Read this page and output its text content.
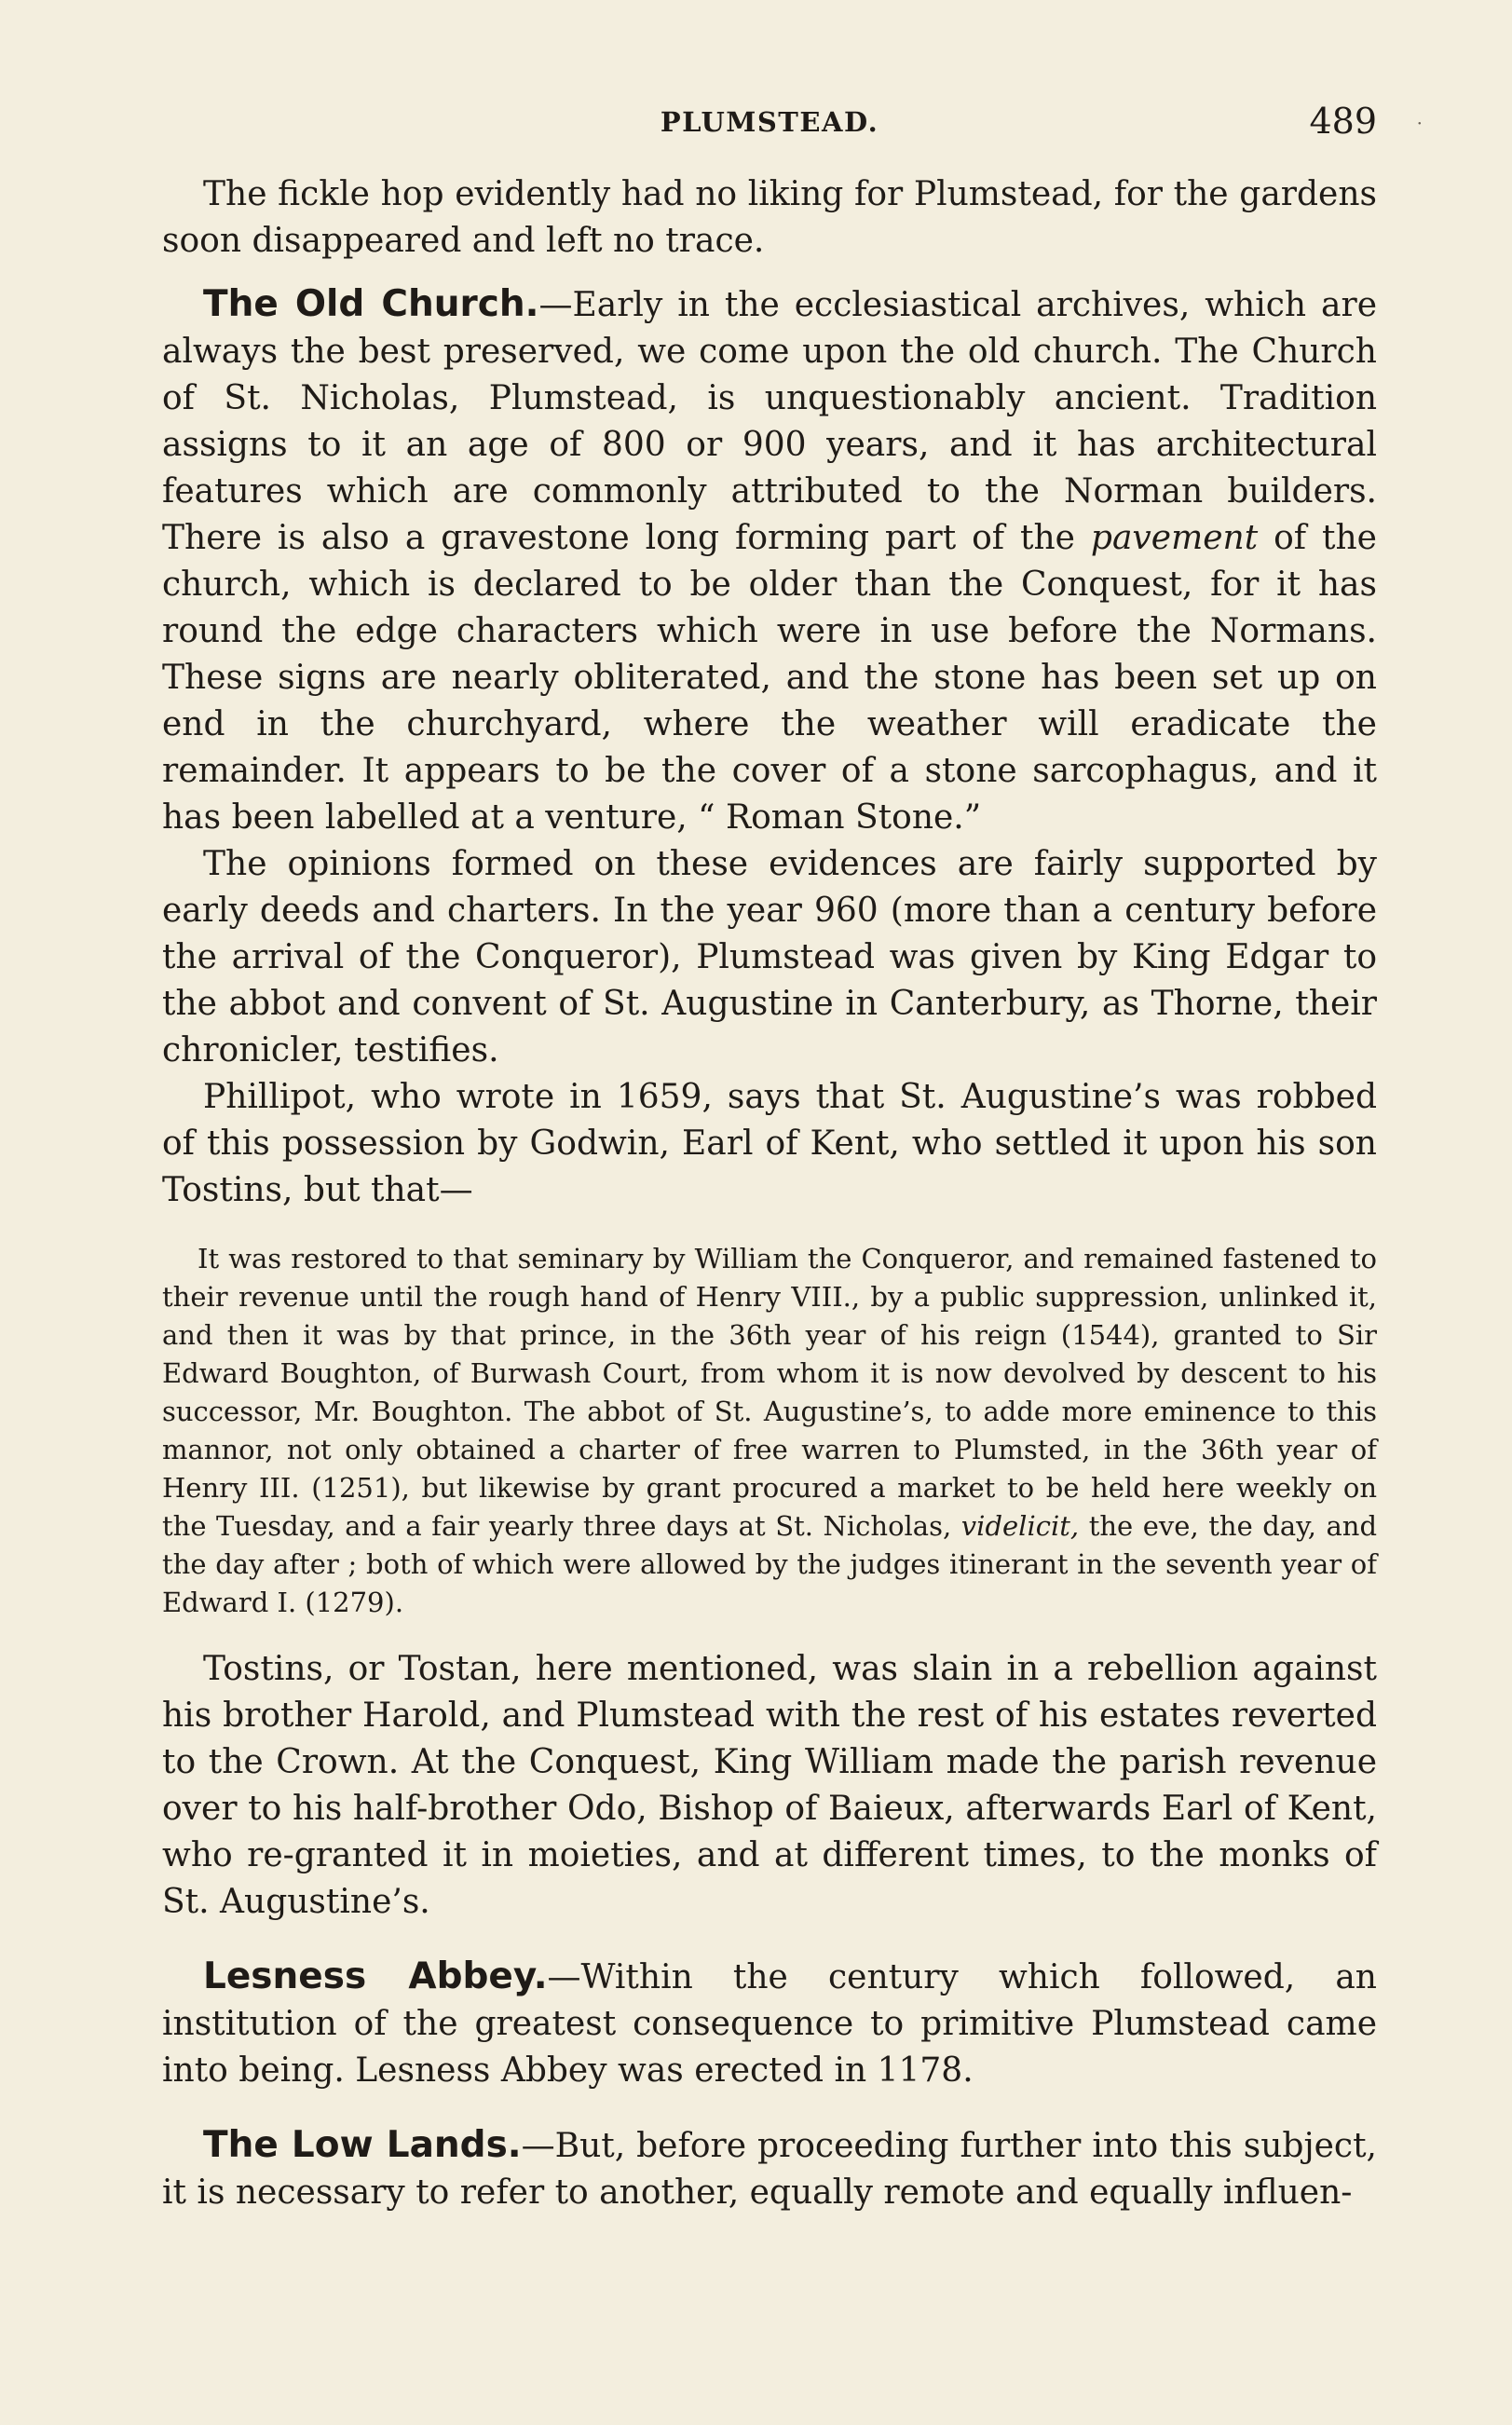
PLUMSTEAD.	489 ·

The fickle hop evidently had no liking for Plumstead, for the gardens soon disappeared and left no trace.

The Old Church.—Early in the ecclesiastical archives, which are always the best preserved, we come upon the old church. The Church of St. Nicholas, Plumstead, is unquestionably ancient. Tradition assigns to it an age of 800 or 900 years, and it has architectural features which are commonly attributed to the Norman builders. There is also a gravestone long forming part of the pavement of the church, which is declared to be older than the Conquest, for it has round the edge characters which were in use before the Normans. These signs are nearly obliterated, and the stone has been set up on end in the churchyard, where the weather will eradicate the remainder. It appears to be the cover of a stone sarcophagus, and it has been labelled at a venture, “ Roman Stone.”

The opinions formed on these evidences are fairly supported by early deeds and charters. In the year 960 (more than a century before the arrival of the Conqueror), Plumstead was given by King Edgar to the abbot and convent of St. Augustine in Canterbury, as Thorne, their chronicler, testifies.

Phillipot, who wrote in 1659, says that St. Augustine’s was robbed of this possession by Godwin, Earl of Kent, who settled it upon his son Tostins, but that—

It was restored to that seminary by William the Conqueror, and remained fastened to their revenue until the rough hand of Henry VIII., by a public suppression, unlinked it, and then it was by that prince, in the 36th year of his reign (1544), granted to Sir Edward Boughton, of Burwash Court, from whom it is now devolved by descent to his successor, Mr. Boughton. The abbot of St. Augustine’s, to adde more eminence to this mannor, not only obtained a charter of free warren to Plumsted, in the 36th year of Henry III. (1251), but likewise by grant procured a market to be held here weekly on the Tuesday, and a fair yearly three days at St. Nicholas, videlicit, the eve, the day, and the day after ; both of which were allowed by the judges itinerant in the seventh year of Edward I. (1279).

Tostins, or Tostan, here mentioned, was slain in a rebellion against his brother Harold, and Plumstead with the rest of his estates reverted to the Crown. At the Conquest, King William made the parish revenue over to his half-brother Odo, Bishop of Baieux, afterwards Earl of Kent, who re-granted it in moieties, and at different times, to the monks of St. Augustine’s.

Lesness Abbey.—Within the century which followed, an institution of the greatest consequence to primitive Plumstead came into being. Lesness Abbey was erected in 1178.

The Low Lands.—But, before proceeding further into this subject, it is necessary to refer to another, equally remote and equally influen-
